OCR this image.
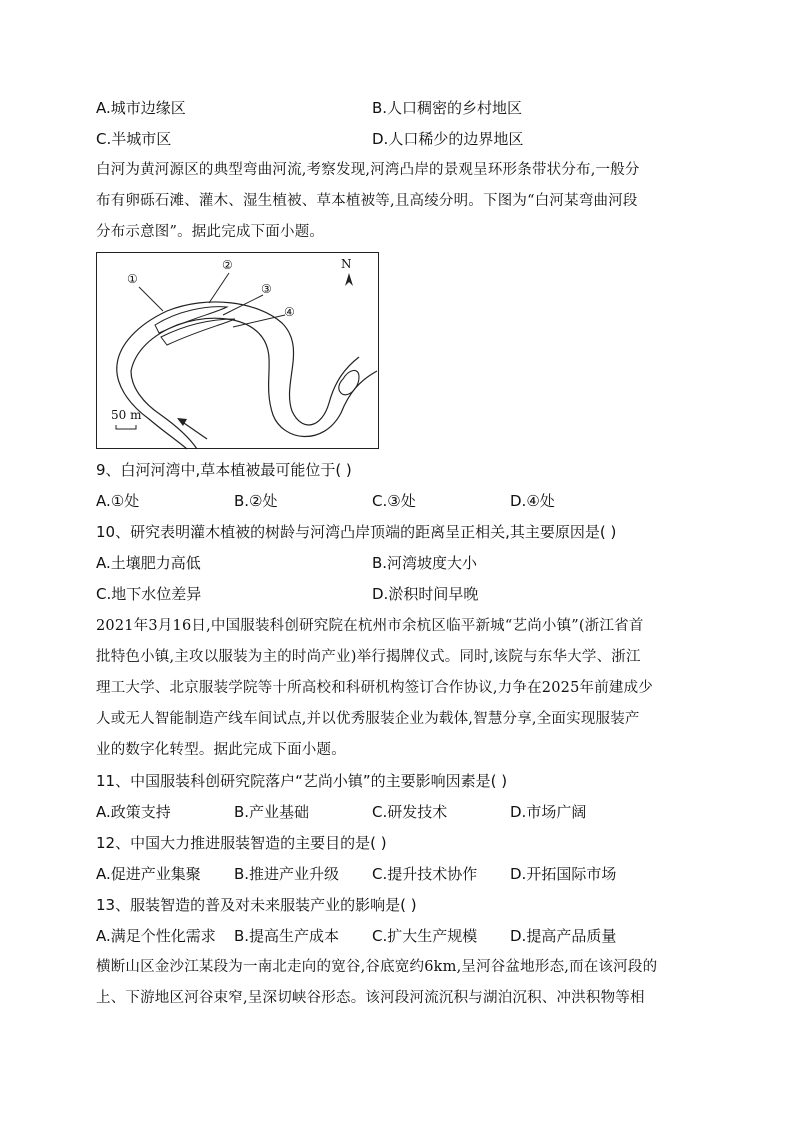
A.城市边缘区	B.人口稠密的乡村地区
C.半城市区	D.人口稀少的边界地区
白河为黄河源区的典型弯曲河流,考察发现,河湾凸岸的景观呈环形条带状分布,一般分
布有卵砾石滩、灌木、湿生植被、草本植被等,且高绫分明。下图为“白河某弯曲河段
分布示意图”。据此完成下面小题。
①
②
③
④
N
50 m
9、白河河湾中,草本植被最可能位于( )
A.①处	B.②处	C.③处	D.④处
10、研究表明灌木植被的树龄与河湾凸岸顶端的距离呈正相关,其主要原因是( )
A.土壤肥力高低	B.河湾坡度大小
C.地下水位差异	D.淤积时间早晚
2021年3月16日,中国服装科创研究院在杭州市余杭区临平新城“艺尚小镇”(浙江省首
批特色小镇,主攻以服装为主的时尚产业)举行揭牌仪式。同时,该院与东华大学、浙江
理工大学、北京服装学院等十所高校和科研机构签订合作协议,力争在2025年前建成少
人或无人智能制造产线车间试点,并以优秀服装企业为载体,智慧分享,全面实现服装产
业的数字化转型。据此完成下面小题。
11、中国服装科创研究院落户“艺尚小镇”的主要影响因素是( )
A.政策支持	B.产业基础	C.研发技术	D.市场广阔
12、中国大力推进服装智造的主要目的是( )
A.促进产业集聚 B.推进产业升级 C.提升技术协作 D.开拓国际市场
13、服装智造的普及对未来服装产业的影响是( )
A.满足个性化需求 B.提高生产成本 C.扩大生产规模 D.提高产品质量
横断山区金沙江某段为一南北走向的宽谷,谷底宽约6km,呈河谷盆地形态,而在该河段的
上、下游地区河谷束窄,呈深切峡谷形态。该河段河流沉积与湖泊沉积、冲洪积物等相
